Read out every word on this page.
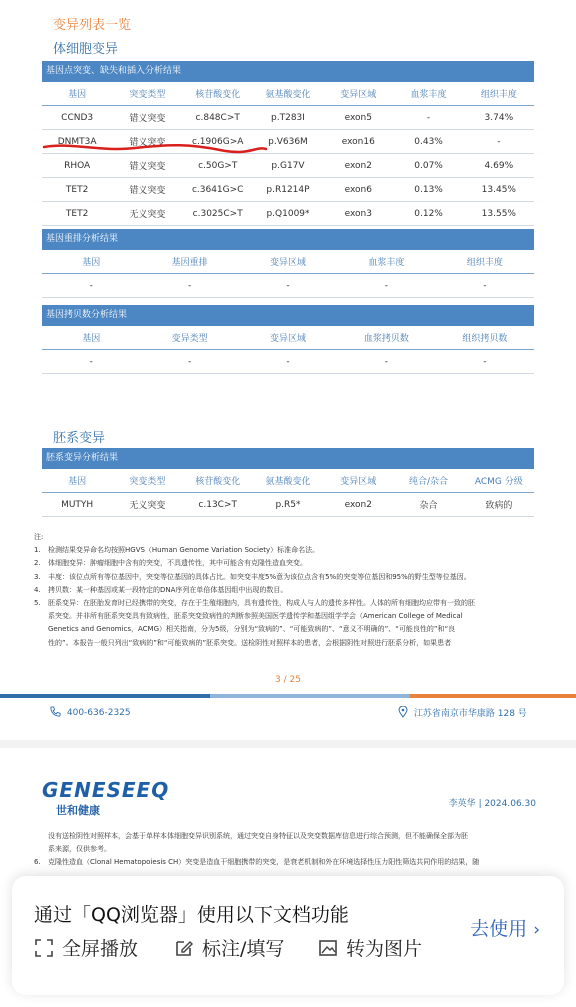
变异列表一览
体细胞变异
基因点突变、缺失和插入分析结果
基因	突变类型	核苷酸变化	氨基酸变化	变异区域	血浆丰度	组织丰度
CCND3	错义突变	c.848C>T	p.T283I	exon5	-	3.74%
DNMT3A	错义突变	c.1906G>A	p.V636M	exon16	0.43%	-
RHOA	错义突变	c.50G>T	p.G17V	exon2	0.07%	4.69%
TET2	错义突变	c.3641G>C	p.R1214P	exon6	0.13%	13.45%
TET2	无义突变	c.3025C>T	p.Q1009*	exon3	0.12%	13.55%
基因重排分析结果
基因	基因重排	变异区域	血浆丰度	组织丰度
-	-	-	-	-
基因拷贝数分析结果
基因	变异类型	变异区域	血浆拷贝数	组织拷贝数
-	-	-	-	-
胚系变异
胚系变异分析结果
基因	突变类型	核苷酸变化	氨基酸变化	变异区域	纯合/杂合	ACMG 分级
MUTYH	无义突变	c.13C>T	p.R5*	exon2	杂合	致病的
注:
1. 检测结果变异命名均按照HGVS（Human Genome Variation Society）标准命名法。
2. 体细胞变异：肿瘤细胞中含有的突变，不具遗传性，其中可能含有克隆性造血突变。
3. 丰度：该位点所有等位基因中，突变等位基因的具体占比。如突变丰度5%意为该位点含有5%的突变等位基因和95%的野生型等位基因。
4. 拷贝数：某一种基因或某一段特定的DNA序列在单倍体基因组中出现的数目。
5. 胚系变异：在胚胎发育时已经携带的突变，存在于生殖细胞内，具有遗传性，构成人与人的遗传多样性。人体的所有细胞均应带有一致的胚
系突变。并非所有胚系突变具有致病性，胚系突变致病性的判断参照美国医学遗传学和基因组学学会（American College of Medical
Genetics and Genomics，ACMG）相关指南，分为5级，分别为“致病的”、“可能致病的”、“意义不明确的”、“可能良性的”和“良
性的”。本报告一般只列出“致病的”和“可能致病的”胚系突变。送检阴性对照样本的患者，会根据阴性对照进行胚系分析，如果患者
3 / 25
400-636-2325	江苏省南京市华康路 128 号
GENESEEQ
世和健康	李英华 | 2024.06.30
没有送检阴性对照样本，会基于单样本体细胞变异识别系统，通过突变自身特征以及突变数据库信息进行综合预测，但不能确保全部为胚
系来源，仅供参考。
6. 克隆性造血（Clonal Hematopoiesis CH）突变是造血干细胞携带的突变，是衰老机制和外在环境选择性压力阳性筛选共同作用的结果，随
通过「QQ浏览器」使用以下文档功能
去使用 ›
全屏播放	标注/填写	转为图片
